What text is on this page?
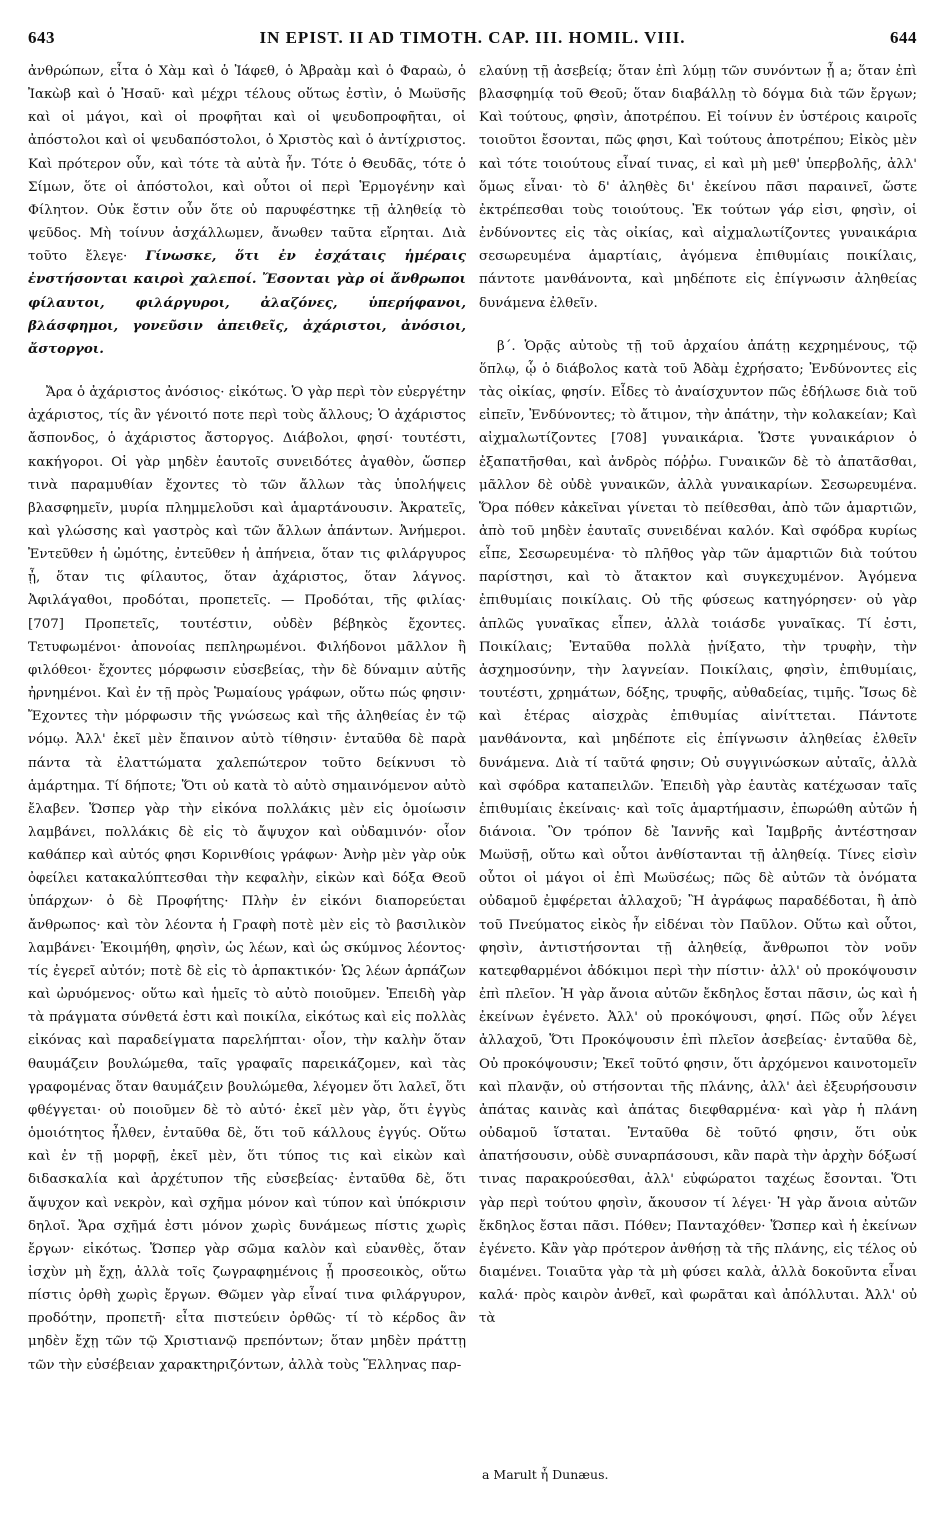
643	IN EPIST. II AD TIMOTH. CAP. III. HOMIL. VIII.	644

ἀνθρώπων, εἶτα ὁ Χὰμ καὶ ὁ Ἰάφεθ, ὁ Ἀβραὰμ καὶ ὁ Φαραὼ, ὁ Ἰακὼβ καὶ ὁ Ἠσαῦ· καὶ μέχρι τέλους οὕτως ἐστὶν, ὁ Μωϋσῆς καὶ οἱ μάγοι, καὶ οἱ προφῆται καὶ οἱ ψευδοπροφῆται, οἱ ἀπόστολοι καὶ οἱ ψευδαπόστολοι, ὁ Χριστὸς καὶ ὁ ἀντίχριστος. Καὶ πρότερον οὖν, καὶ τότε τὰ αὐτὰ ἦν. Τότε ὁ Θευδᾶς, τότε ὁ Σίμων, ὅτε οἱ ἀπόστολοι, καὶ οὗτοι οἱ περὶ Ἑρμογένην καὶ Φίλητον. Οὐκ ἔστιν οὖν ὅτε οὐ παρυφέστηκε τῇ ἀληθείᾳ τὸ ψεῦδος. Μὴ τοίνυν ἀσχάλλωμεν, ἄνωθεν ταῦτα εἴρηται. Διὰ τοῦτο ἔλεγε· Γίνωσκε, ὅτι ἐν ἐσχάταις ἡμέραις ἐνστήσονται καιροὶ χαλεποί. Ἔσονται γὰρ οἱ ἄνθρωποι φίλαυτοι, φιλάργυροι, ἀλαζόνες, ὑπερήφανοι, βλάσφημοι, γονεῦσιν ἀπειθεῖς, ἀχάριστοι, ἀνόσιοι, ἄστοργοι.

Ἄρα ὁ ἀχάριστος ἀνόσιος· εἰκότως. Ὁ γὰρ περὶ τὸν εὐεργέτην ἀχάριστος, τίς ἂν γένοιτό ποτε περὶ τοὺς ἄλλους; Ὁ ἀχάριστος ἄσπονδος, ὁ ἀχάριστος ἄστοργος. Διάβολοι, φησί· τουτέστι, κακήγοροι. Οἱ γὰρ μηδὲν ἑαυτοῖς συνειδότες ἀγαθὸν, ὥσπερ τινὰ παραμυθίαν ἔχοντες τὸ τῶν ἄλλων τὰς ὑπολήψεις βλασφημεῖν, μυρία πλημμελοῦσι καὶ ἁμαρτάνουσιν. Ἀκρατεῖς, καὶ γλώσσης καὶ γαστρὸς καὶ τῶν ἄλλων ἁπάντων. Ἀνήμεροι. Ἐντεῦθεν ἡ ὠμότης, ἐντεῦθεν ἡ ἀπήνεια, ὅταν τις φιλάργυρος ᾖ, ὅταν τις φίλαυτος, ὅταν ἀχάριστος, ὅταν λάγνος. Ἀφιλάγαθοι, προδόται, προπετεῖς. — Προδόται, τῆς φιλίας· [707] Προπετεῖς, τουτέστιν, οὐδὲν βέβηκὸς ἔχοντες. Τετυφωμένοι· ἀπονοίας πεπληρωμένοι. Φιλήδονοι μᾶλλον ἢ φιλόθεοι· ἔχοντες μόρφωσιν εὐσεβείας, τὴν δὲ δύναμιν αὐτῆς ἠρνημένοι. Καὶ ἐν τῇ πρὸς Ῥωμαίους γράφων, οὕτω πώς φησιν· Ἔχοντες τὴν μόρφωσιν τῆς γνώσεως καὶ τῆς ἀληθείας ἐν τῷ νόμῳ. Ἀλλ' ἐκεῖ μὲν ἔπαινον αὐτὸ τίθησιν· ἐνταῦθα δὲ παρὰ πάντα τὰ ἐλαττώματα χαλεπώτερον τοῦτο δείκνυσι τὸ ἁμάρτημα. Τί δήποτε; Ὅτι οὐ κατὰ τὸ αὐτὸ σημαινόμενον αὐτὸ ἔλαβεν. Ὥσπερ γὰρ τὴν εἰκόνα πολλάκις μὲν εἰς ὁμοίωσιν λαμβάνει, πολλάκις δὲ εἰς τὸ ἄψυχον καὶ οὐδαμινόν· οἷον καθάπερ καὶ αὐτός φησι Κορινθίοις γράφων· Ἀνὴρ μὲν γὰρ οὐκ ὀφείλει κατακαλύπτεσθαι τὴν κεφαλὴν, εἰκὼν καὶ δόξα Θεοῦ ὑπάρχων· ὁ δὲ Προφήτης· Πλὴν ἐν εἰκόνι διαπορεύεται ἄνθρωπος· καὶ τὸν λέοντα ἡ Γραφὴ ποτὲ μὲν εἰς τὸ βασιλικὸν λαμβάνει· Ἐκοιμήθη, φησὶν, ὡς λέων, καὶ ὡς σκύμνος λέοντος· τίς ἐγερεῖ αὐτόν; ποτὲ δὲ εἰς τὸ ἁρπακτικόν· Ὡς λέων ἁρπάζων καὶ ὠρυόμενος· οὕτω καὶ ἡμεῖς τὸ αὐτὸ ποιοῦμεν. Ἐπειδὴ γὰρ τὰ πράγματα σύνθετά ἐστι καὶ ποικίλα, εἰκότως καὶ εἰς πολλὰς εἰκόνας καὶ παραδείγματα παρελήπται· οἷον, τὴν καλὴν ὅταν θαυμάζειν βουλώμεθα, ταῖς γραφαῖς παρεικάζομεν, καὶ τὰς γραφομένας ὅταν θαυμάζειν βουλώμεθα, λέγομεν ὅτι λαλεῖ, ὅτι φθέγγεται· οὐ ποιοῦμεν δὲ τὸ αὐτό· ἐκεῖ μὲν γὰρ, ὅτι ἐγγὺς ὁμοιότητος ἦλθεν, ἐνταῦθα δὲ, ὅτι τοῦ κάλλους ἐγγύς. Οὕτω καὶ ἐν τῇ μορφῇ, ἐκεῖ μὲν, ὅτι τύπος τις καὶ εἰκὼν καὶ διδασκαλία καὶ ἀρχέτυπον τῆς εὐσεβείας· ἐνταῦθα δὲ, ὅτι ἄψυχον καὶ νεκρὸν, καὶ σχῆμα μόνον καὶ τύπον καὶ ὑπόκρισιν δηλοῖ. Ἄρα σχῆμά ἐστι μόνον χωρὶς δυνάμεως πίστις χωρὶς ἔργων· εἰκότως. Ὥσπερ γὰρ σῶμα καλὸν καὶ εὐανθὲς, ὅταν ἰσχὺν μὴ ἔχῃ, ἀλλὰ τοῖς ζωγραφημένοις ᾖ προσεοικὸς, οὕτω πίστις ὀρθὴ χωρὶς ἔργων. Θῶμεν γὰρ εἶναί τινα φιλάργυρον, προδότην, προπετῆ· εἶτα πιστεύειν ὀρθῶς· τί τὸ κέρδος ἂν μηδὲν ἔχῃ τῶν τῷ Χριστιανῷ πρεπόντων; ὅταν μηδὲν πράττῃ τῶν τὴν εὐσέβειαν χαρακτηριζόντων, ἀλλὰ τοὺς Ἕλληνας παρ-

ελαύνῃ τῇ ἀσεβείᾳ; ὅταν ἐπὶ λύμῃ τῶν συνόντων ᾖ a; ὅταν ἐπὶ βλασφημίᾳ τοῦ Θεοῦ; ὅταν διαβάλλῃ τὸ δόγμα διὰ τῶν ἔργων; Καὶ τούτους, φησὶν, ἀποτρέπου. Εἰ τοίνυν ἐν ὑστέροις καιροῖς τοιοῦτοι ἔσονται, πῶς φησι, Καὶ τούτους ἀποτρέπου; Εἰκὸς μὲν καὶ τότε τοιούτους εἶναί τινας, εἰ καὶ μὴ μεθ' ὑπερβολῆς, ἀλλ' ὅμως εἶναι· τὸ δ' ἀληθὲς δι' ἐκείνου πᾶσι παραινεῖ, ὥστε ἐκτρέπεσθαι τοὺς τοιούτους. Ἐκ τούτων γάρ εἰσι, φησὶν, οἱ ἐνδύνοντες εἰς τὰς οἰκίας, καὶ αἰχμαλωτίζοντες γυναικάρια σεσωρευμένα ἁμαρτίαις, ἀγόμενα ἐπιθυμίαις ποικίλαις, πάντοτε μανθάνοντα, καὶ μηδέποτε εἰς ἐπίγνωσιν ἀληθείας δυνάμενα ἐλθεῖν.

β΄. Ὁρᾷς αὐτοὺς τῇ τοῦ ἀρχαίου ἀπάτῃ κεχρημένους, τῷ ὅπλῳ, ᾧ ὁ διάβολος κατὰ τοῦ Ἀδὰμ ἐχρήσατο; Ἐνδύνοντες εἰς τὰς οἰκίας, φησίν. Εἶδες τὸ ἀναίσχυντον πῶς ἐδήλωσε διὰ τοῦ εἰπεῖν, Ἐνδύνοντες; τὸ ἄτιμον, τὴν ἀπάτην, τὴν κολακείαν; Καὶ αἰχμαλωτίζοντες [708] γυναικάρια. Ὥστε γυναικάριον ὁ ἐξαπατῆσθαι, καὶ ἀνδρὸς πόῤῥω. Γυναικῶν δὲ τὸ ἀπατᾶσθαι, μᾶλλον δὲ οὐδὲ γυναικῶν, ἀλλὰ γυναικαρίων. Σεσωρευμένα. Ὅρα πόθεν κἀκεῖναι γίνεται τὸ πείθεσθαι, ἀπὸ τῶν ἁμαρτιῶν, ἀπὸ τοῦ μηδὲν ἑαυταῖς συνειδέναι καλόν. Καὶ σφόδρα κυρίως εἶπε, Σεσωρευμένα· τὸ πλῆθος γὰρ τῶν ἁμαρτιῶν διὰ τούτου παρίστησι, καὶ τὸ ἄτακτον καὶ συγκεχυμένον. Ἀγόμενα ἐπιθυμίαις ποικίλαις. Οὐ τῆς φύσεως κατηγόρησεν· οὐ γὰρ ἁπλῶς γυναῖκας εἶπεν, ἀλλὰ τοιάσδε γυναῖκας. Τί ἐστι, Ποικίλαις; Ἐνταῦθα πολλὰ ᾐνίξατο, τὴν τρυφὴν, τὴν ἀσχημοσύνην, τὴν λαγνείαν. Ποικίλαις, φησὶν, ἐπιθυμίαις, τουτέστι, χρημάτων, δόξης, τρυφῆς, αὐθαδείας, τιμῆς. Ἴσως δὲ καὶ ἑτέρας αἰσχρὰς ἐπιθυμίας αἰνίττεται. Πάντοτε μανθάνοντα, καὶ μηδέποτε εἰς ἐπίγνωσιν ἀληθείας ἐλθεῖν δυνάμενα. Διὰ τί ταῦτά φησιν; Οὐ συγγινώσκων αὐταῖς, ἀλλὰ καὶ σφόδρα καταπειλῶν. Ἐπειδὴ γὰρ ἑαυτὰς κατέχωσαν ταῖς ἐπιθυμίαις ἐκείναις· καὶ τοῖς ἁμαρτήμασιν, ἐπωρώθη αὐτῶν ἡ διάνοια. Ὃν τρόπον δὲ Ἰαννῆς καὶ Ἰαμβρῆς ἀντέστησαν Μωϋσῇ, οὕτω καὶ οὗτοι ἀνθίστανται τῇ ἀληθείᾳ. Τίνες εἰσὶν οὗτοι οἱ μάγοι οἱ ἐπὶ Μωϋσέως; πῶς δὲ αὐτῶν τὰ ὀνόματα οὐδαμοῦ ἐμφέρεται ἀλλαχοῦ; Ἢ ἀγράφως παραδέδοται, ἢ ἀπὸ τοῦ Πνεύματος εἰκὸς ἦν εἰδέναι τὸν Παῦλον. Οὕτω καὶ οὗτοι, φησὶν, ἀντιστήσονται τῇ ἀληθείᾳ, ἄνθρωποι τὸν νοῦν κατεφθαρμένοι ἀδόκιμοι περὶ τὴν πίστιν· ἀλλ' οὐ προκόψουσιν ἐπὶ πλεῖον. Ἡ γὰρ ἄνοια αὐτῶν ἔκδηλος ἔσται πᾶσιν, ὡς καὶ ἡ ἐκείνων ἐγένετο. Ἀλλ' οὐ προκόψουσι, φησί. Πῶς οὖν λέγει ἀλλαχοῦ, Ὅτι Προκόψουσιν ἐπὶ πλεῖον ἀσεβείας· ἐνταῦθα δὲ, Οὐ προκόψουσιν; Ἐκεῖ τοῦτό φησιν, ὅτι ἀρχόμενοι καινοτομεῖν καὶ πλανᾷν, οὐ στήσονται τῆς πλάνης, ἀλλ' ἀεὶ ἐξευρήσουσιν ἀπάτας καινὰς καὶ ἀπάτας διεφθαρμένα· καὶ γὰρ ἡ πλάνη οὐδαμοῦ ἵσταται. Ἐνταῦθα δὲ τοῦτό φησιν, ὅτι οὐκ ἀπατήσουσιν, οὐδὲ συναρπάσουσι, κἂν παρὰ τὴν ἀρχὴν δόξωσί τινας παρακρούεσθαι, ἀλλ' εὐφώρατοι ταχέως ἔσονται. Ὅτι γὰρ περὶ τούτου φησὶν, ἄκουσον τί λέγει· Ἡ γὰρ ἄνοια αὐτῶν ἔκδηλος ἔσται πᾶσι. Πόθεν; Πανταχόθεν· Ὥσπερ καὶ ἡ ἐκείνων ἐγένετο. Κἂν γὰρ πρότερον ἀνθήσῃ τὰ τῆς πλάνης, εἰς τέλος οὐ διαμένει. Τοιαῦτα γὰρ τὰ μὴ φύσει καλὰ, ἀλλὰ δοκοῦντα εἶναι καλά· πρὸς καιρὸν ἀνθεῖ, καὶ φωρᾶται καὶ ἀπόλλυται. Ἀλλ' οὐ τὰ

a Marult ἦ Dunæus.
